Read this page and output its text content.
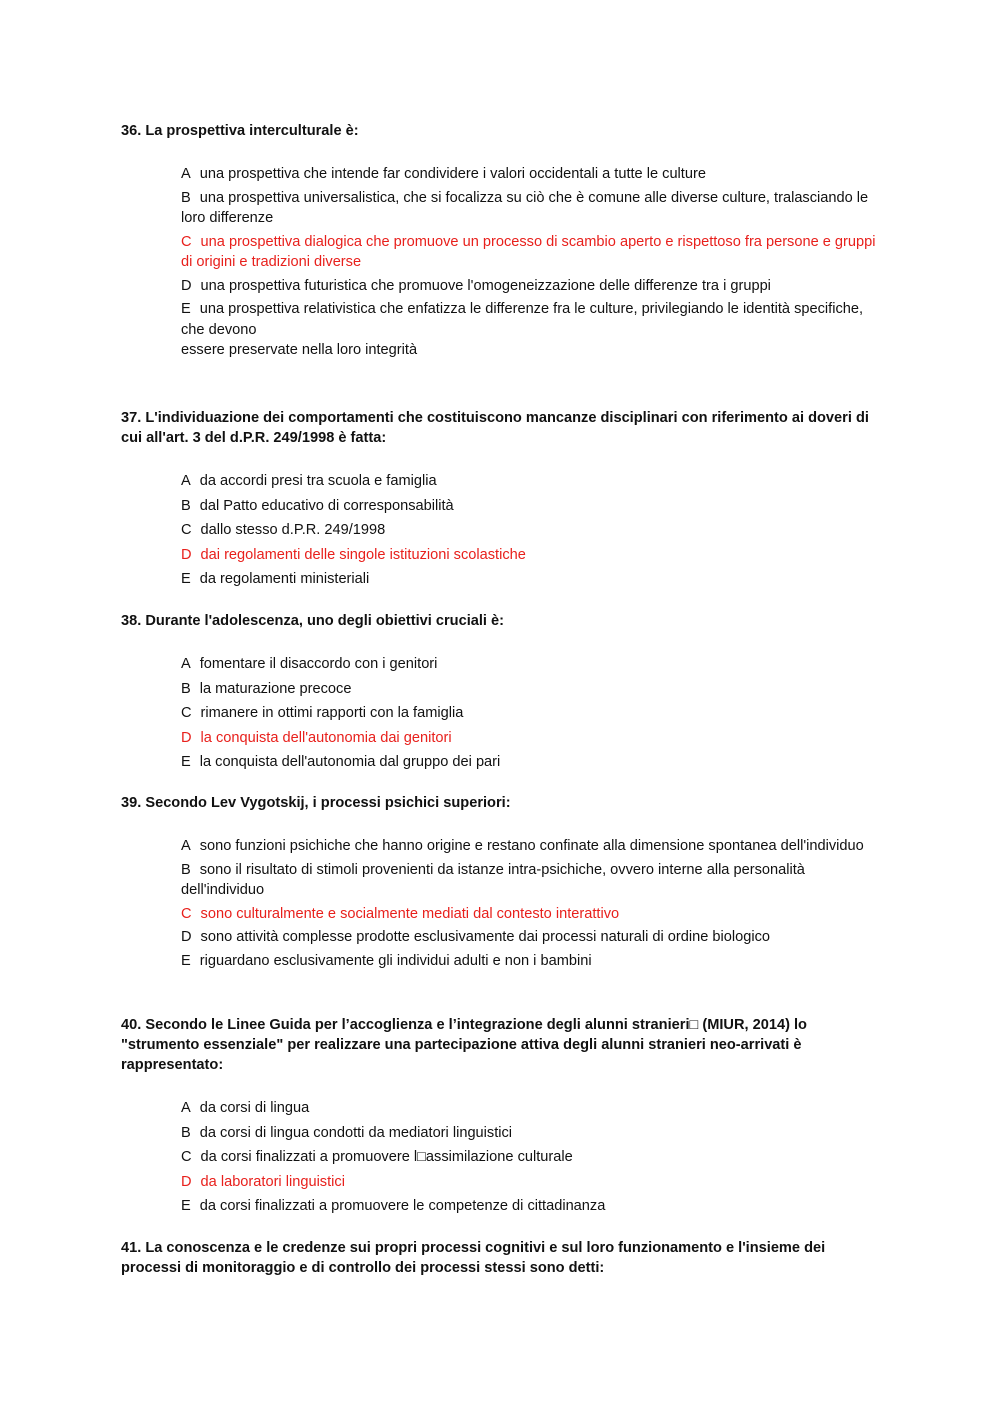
36. La prospettiva interculturale è:

A una prospettiva che intende far condividere i valori occidentali a tutte le culture
B una prospettiva universalistica, che si focalizza su ciò che è comune alle diverse culture, tralasciando le loro differenze
C una prospettiva dialogica che promuove un processo di scambio aperto e rispettoso fra persone e gruppi di origini e tradizioni diverse
D una prospettiva futuristica che promuove l'omogeneizzazione delle differenze tra i gruppi
E una prospettiva relativistica che enfatizza le differenze fra le culture, privilegiando le identità specifiche, che devono
essere preservate nella loro integrità

37. L'individuazione dei comportamenti che costituiscono mancanze disciplinari con riferimento ai doveri di cui all'art. 3 del d.P.R. 249/1998 è fatta:

A da accordi presi tra scuola e famiglia
B dal Patto educativo di corresponsabilità
C dallo stesso d.P.R. 249/1998
D dai regolamenti delle singole istituzioni scolastiche
E da regolamenti ministeriali

38. Durante l'adolescenza, uno degli obiettivi cruciali è:

A fomentare il disaccordo con i genitori
B la maturazione precoce
C rimanere in ottimi rapporti con la famiglia
D la conquista dell'autonomia dai genitori
E la conquista dell'autonomia dal gruppo dei pari

39. Secondo Lev Vygotskij, i processi psichici superiori:

A sono funzioni psichiche che hanno origine e restano confinate alla dimensione spontanea dell'individuo
B sono il risultato di stimoli provenienti da istanze intra-psichiche, ovvero interne alla personalità dell'individuo
C sono culturalmente e socialmente mediati dal contesto interattivo
D sono attività complesse prodotte esclusivamente dai processi naturali di ordine biologico
E riguardano esclusivamente gli individui adulti e non i bambini

40. Secondo le Linee Guida per l’accoglienza e l’integrazione degli alunni stranieri□ (MIUR, 2014) lo "strumento essenziale" per realizzare una partecipazione attiva degli alunni stranieri neo-arrivati è rappresentato:

A da corsi di lingua
B da corsi di lingua condotti da mediatori linguistici
C da corsi finalizzati a promuovere l□assimilazione culturale
D da laboratori linguistici
E da corsi finalizzati a promuovere le competenze di cittadinanza

41. La conoscenza e le credenze sui propri processi cognitivi e sul loro funzionamento e l'insieme dei processi di monitoraggio e di controllo dei processi stessi sono detti:
